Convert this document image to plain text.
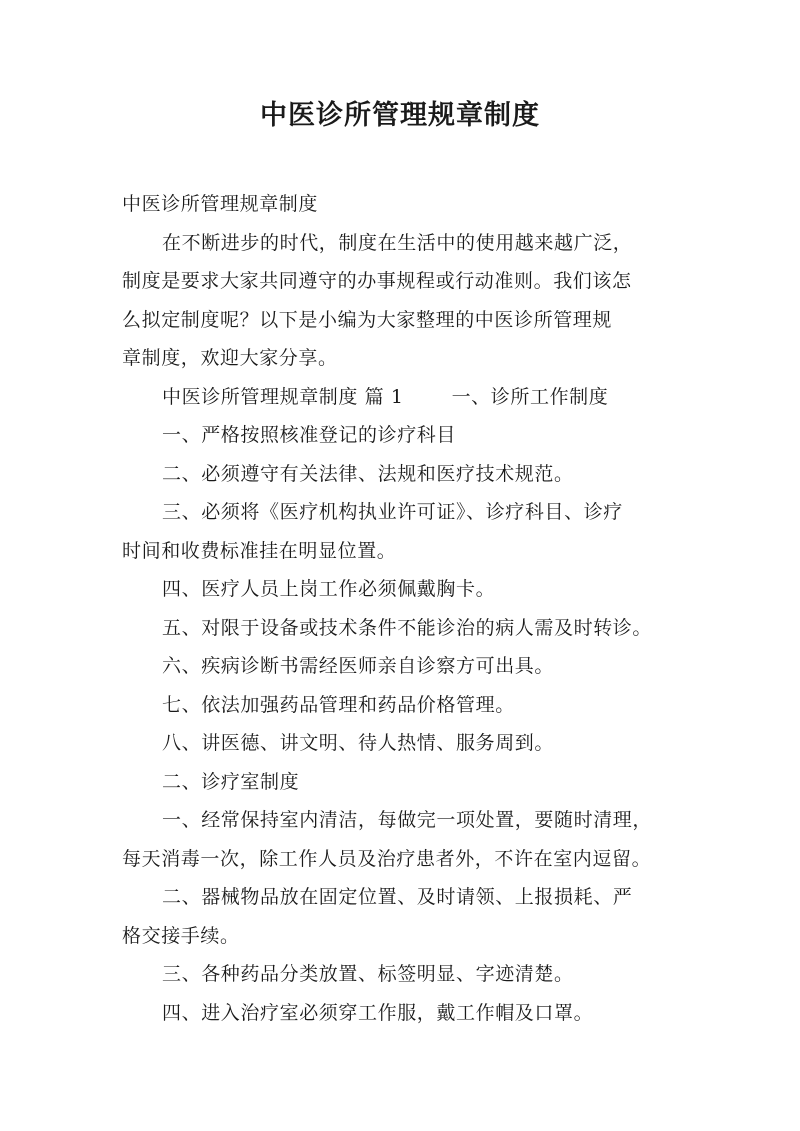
中医诊所管理规章制度
中医诊所管理规章制度
在不断进步的时代，制度在生活中的使用越来越广泛，
制度是要求大家共同遵守的办事规程或行动准则。我们该怎
么拟定制度呢？以下是小编为大家整理的中医诊所管理规
章制度，欢迎大家分享。
中医诊所管理规章制度 篇 1	一、诊所工作制度
一、严格按照核准登记的诊疗科目
二、必须遵守有关法律、法规和医疗技术规范。
三、必须将《医疗机构执业许可证》、诊疗科目、诊疗
时间和收费标准挂在明显位置。
四、医疗人员上岗工作必须佩戴胸卡。
五、对限于设备或技术条件不能诊治的病人需及时转诊。
六、疾病诊断书需经医师亲自诊察方可出具。
七、依法加强药品管理和药品价格管理。
八、讲医德、讲文明、待人热情、服务周到。
二、诊疗室制度
一、经常保持室内清洁，每做完一项处置，要随时清理，
每天消毒一次，除工作人员及治疗患者外，不许在室内逗留。
二、器械物品放在固定位置、及时请领、上报损耗、严
格交接手续。
三、各种药品分类放置、标签明显、字迹清楚。
四、进入治疗室必须穿工作服，戴工作帽及口罩。
